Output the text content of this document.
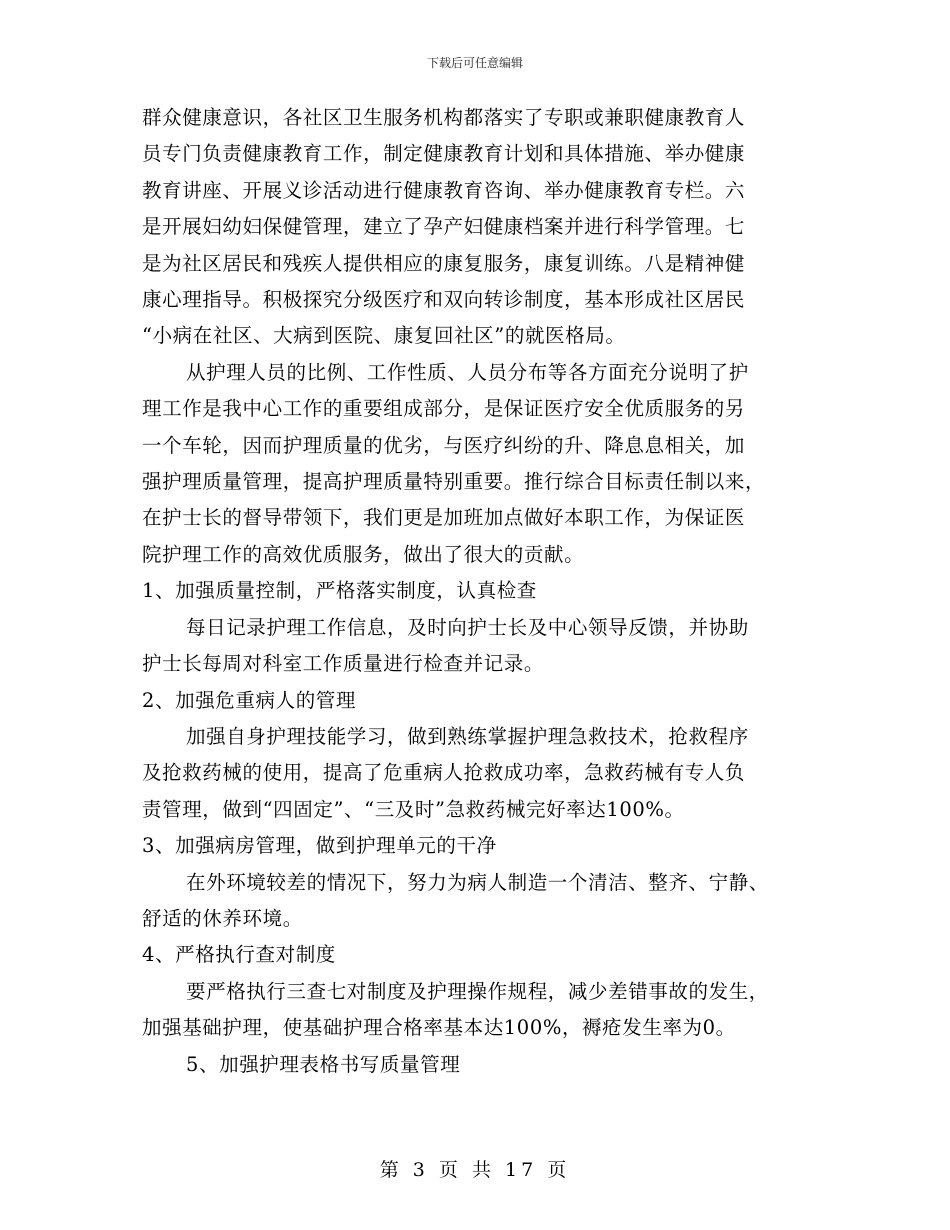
下载后可任意编辑
群众健康意识，各社区卫生服务机构都落实了专职或兼职健康教育人
员专门负责健康教育工作，制定健康教育计划和具体措施、举办健康
教育讲座、开展义诊活动进行健康教育咨询、举办健康教育专栏。六
是开展妇幼妇保健管理，建立了孕产妇健康档案并进行科学管理。七
是为社区居民和残疾人提供相应的康复服务，康复训练。八是精神健
康心理指导。积极探究分级医疗和双向转诊制度，基本形成社区居民
“小病在社区、大病到医院、康复回社区”的就医格局。
从护理人员的比例、工作性质、人员分布等各方面充分说明了护
理工作是我中心工作的重要组成部分，是保证医疗安全优质服务的另
一个车轮，因而护理质量的优劣，与医疗纠纷的升、降息息相关，加
强护理质量管理，提高护理质量特别重要。推行综合目标责任制以来，
在护士长的督导带领下，我们更是加班加点做好本职工作，为保证医
院护理工作的高效优质服务，做出了很大的贡献。
1、加强质量控制，严格落实制度，认真检查
每日记录护理工作信息，及时向护士长及中心领导反馈，并协助
护士长每周对科室工作质量进行检查并记录。
2、加强危重病人的管理
加强自身护理技能学习，做到熟练掌握护理急救技术，抢救程序
及抢救药械的使用，提高了危重病人抢救成功率，急救药械有专人负
责管理，做到“四固定”、“三及时”急救药械完好率达100%。
3、加强病房管理，做到护理单元的干净
在外环境较差的情况下，努力为病人制造一个清洁、整齐、宁静、
舒适的休养环境。
4、严格执行查对制度
要严格执行三查七对制度及护理操作规程，减少差错事故的发生，
加强基础护理，使基础护理合格率基本达100%，褥疮发生率为0。
5、加强护理表格书写质量管理
第 3 页 共 17 页
